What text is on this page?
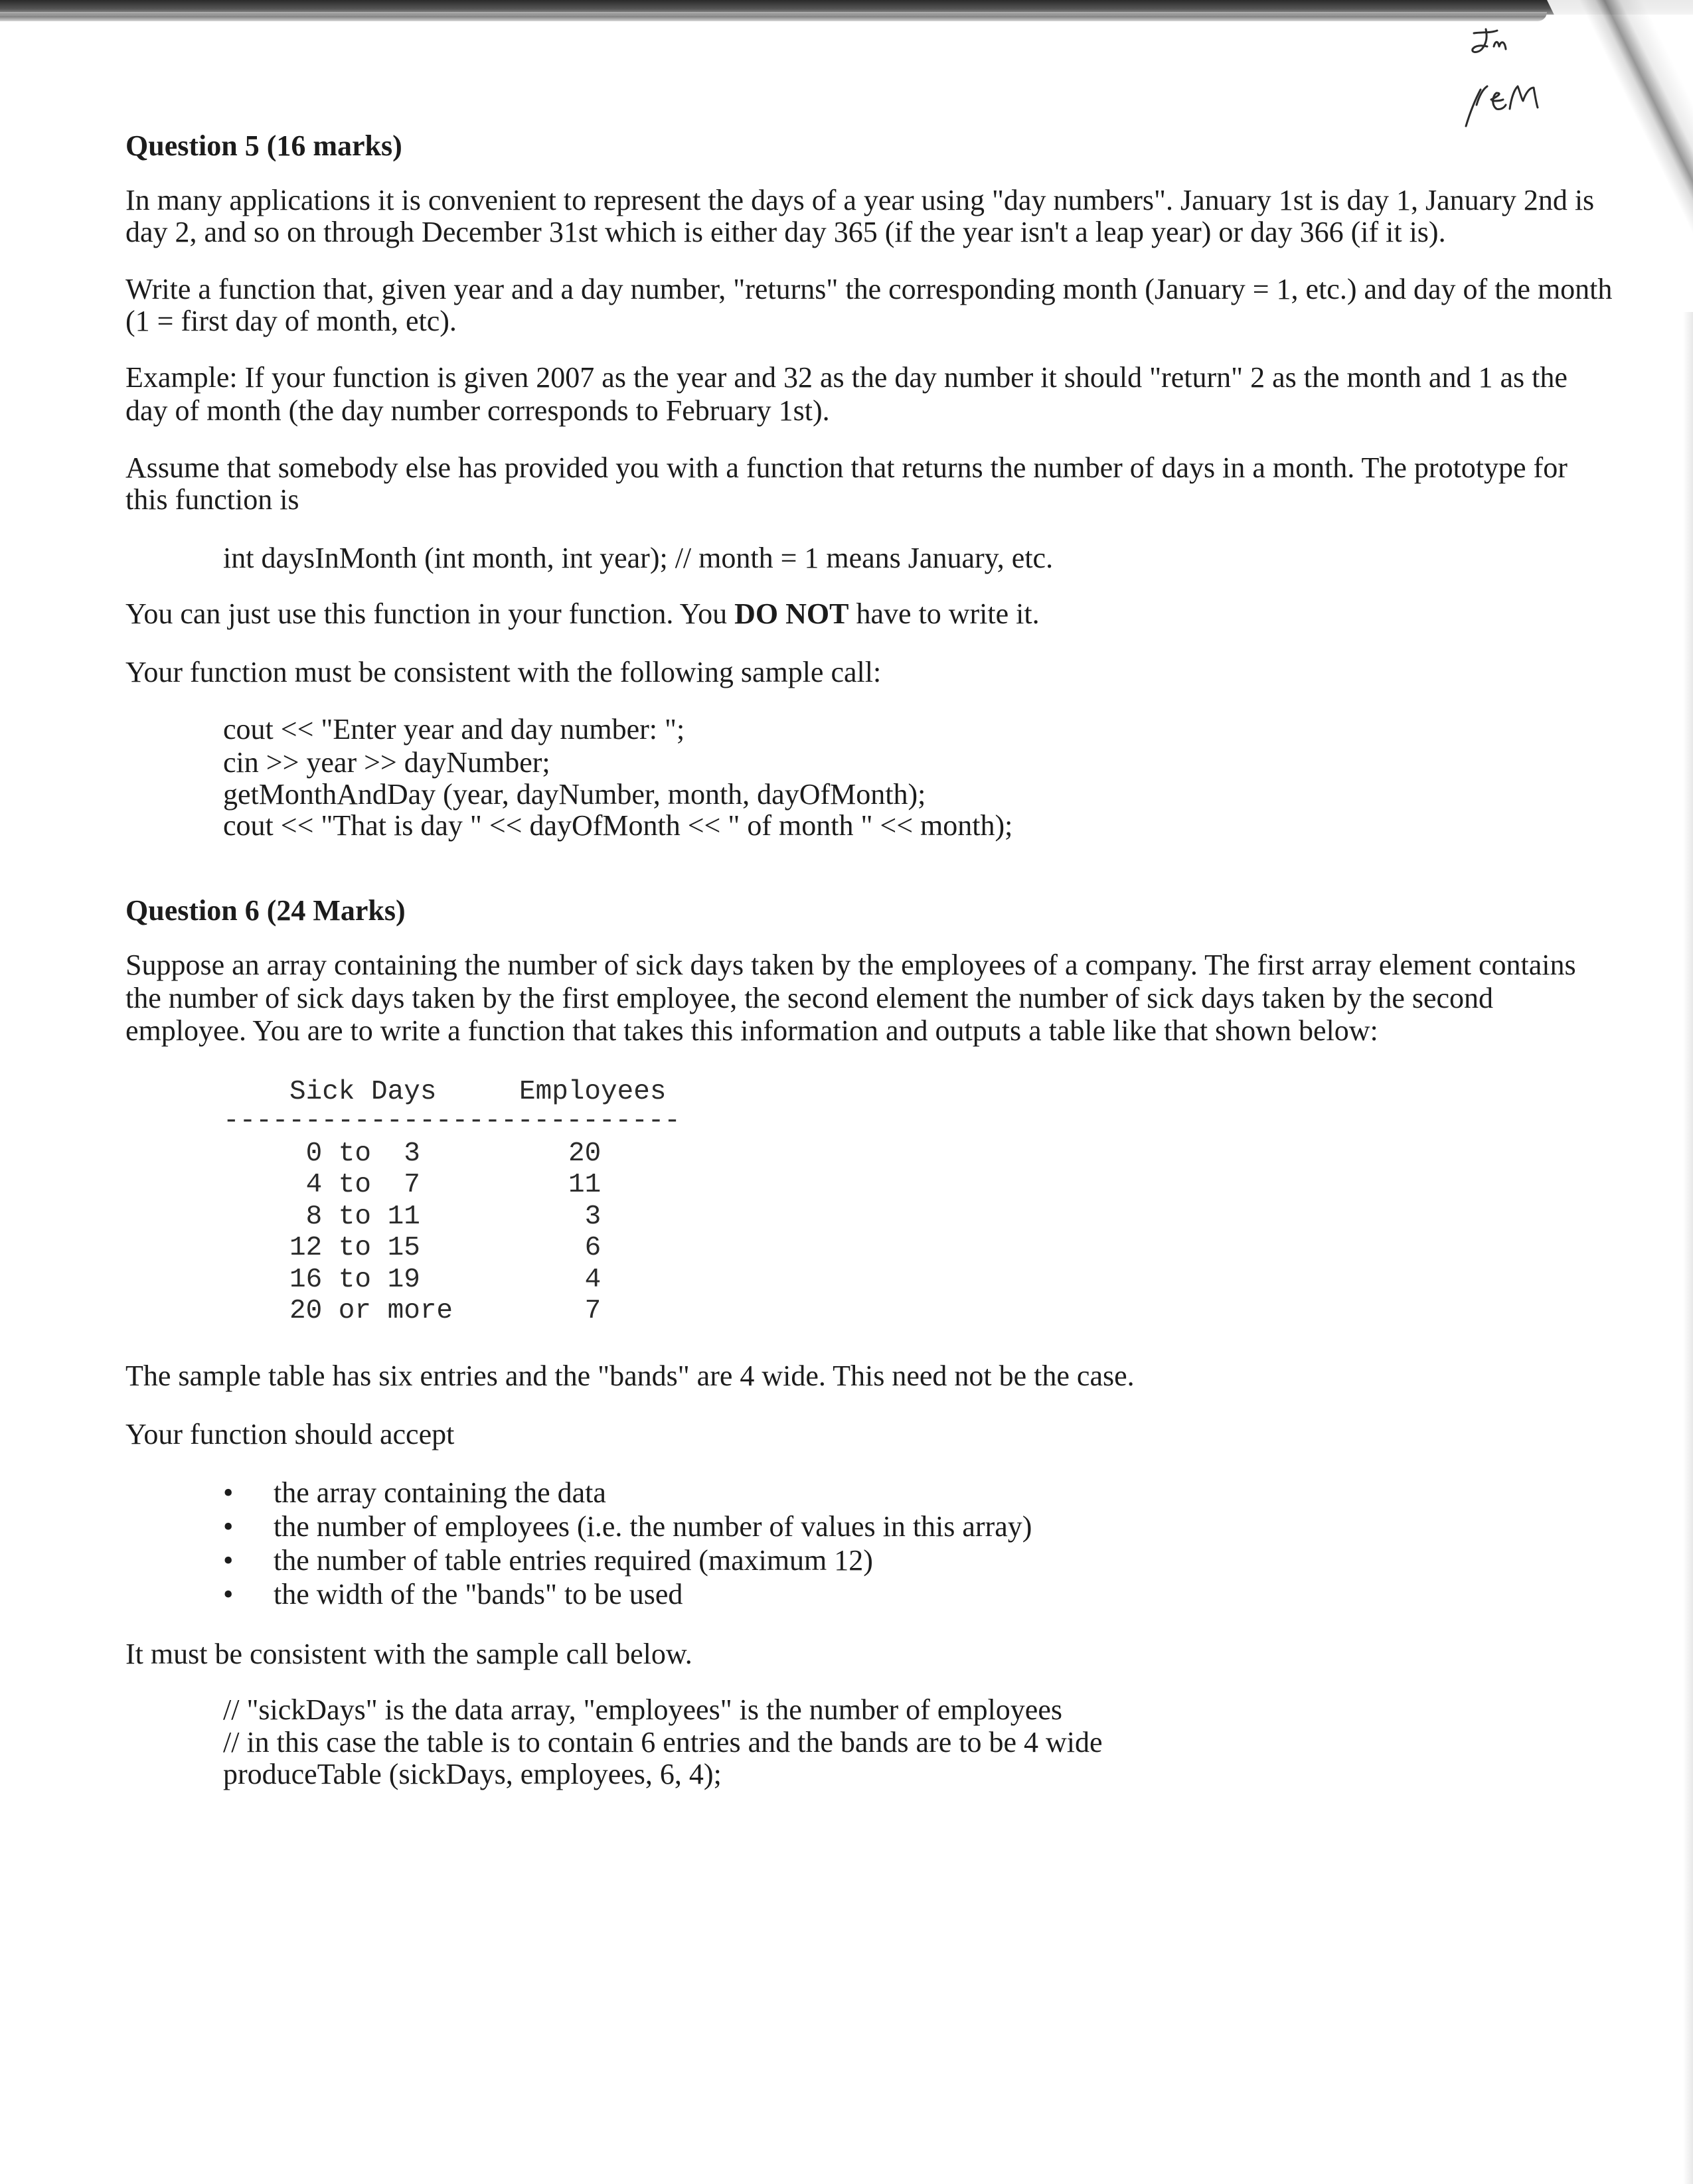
Question 5 (16 marks)
In many applications it is convenient to represent the days of a year using "day numbers". January 1st is day 1, January 2nd is
day 2, and so on through December 31st which is either day 365 (if the year isn't a leap year) or day 366 (if it is).
Write a function that, given year and a day number, "returns" the corresponding month (January = 1, etc.) and day of the month
(1 = first day of month, etc).
Example: If your function is given 2007 as the year and 32 as the day number it should "return" 2 as the month and 1 as the
day of month (the day number corresponds to February 1st).
Assume that somebody else has provided you with a function that returns the number of days in a month. The prototype for
this function is
int daysInMonth (int month, int year); // month = 1 means January, etc.
You can just use this function in your function. You DO NOT have to write it.
Your function must be consistent with the following sample call:
cout << "Enter year and day number: ";
cin >> year >> dayNumber;
getMonthAndDay (year, dayNumber, month, dayOfMonth);
cout << "That is day " << dayOfMonth << " of month " << month);
Question 6 (24 Marks)
Suppose an array containing the number of sick days taken by the employees of a company. The first array element contains
the number of sick days taken by the first employee, the second element the number of sick days taken by the second
employee. You are to write a function that takes this information and outputs a table like that shown below:
Sick Days	Employees
----------------------------
0 to  3	20
4 to  7	11
8 to 11	3
12 to 15	6
16 to 19	4
20 or more	7
The sample table has six entries and the "bands" are 4 wide. This need not be the case.
Your function should accept
• the array containing the data
• the number of employees (i.e. the number of values in this array)
• the number of table entries required (maximum 12)
• the width of the "bands" to be used
It must be consistent with the sample call below.
// "sickDays" is the data array, "employees" is the number of employees
// in this case the table is to contain 6 entries and the bands are to be 4 wide
produceTable (sickDays, employees, 6, 4);
